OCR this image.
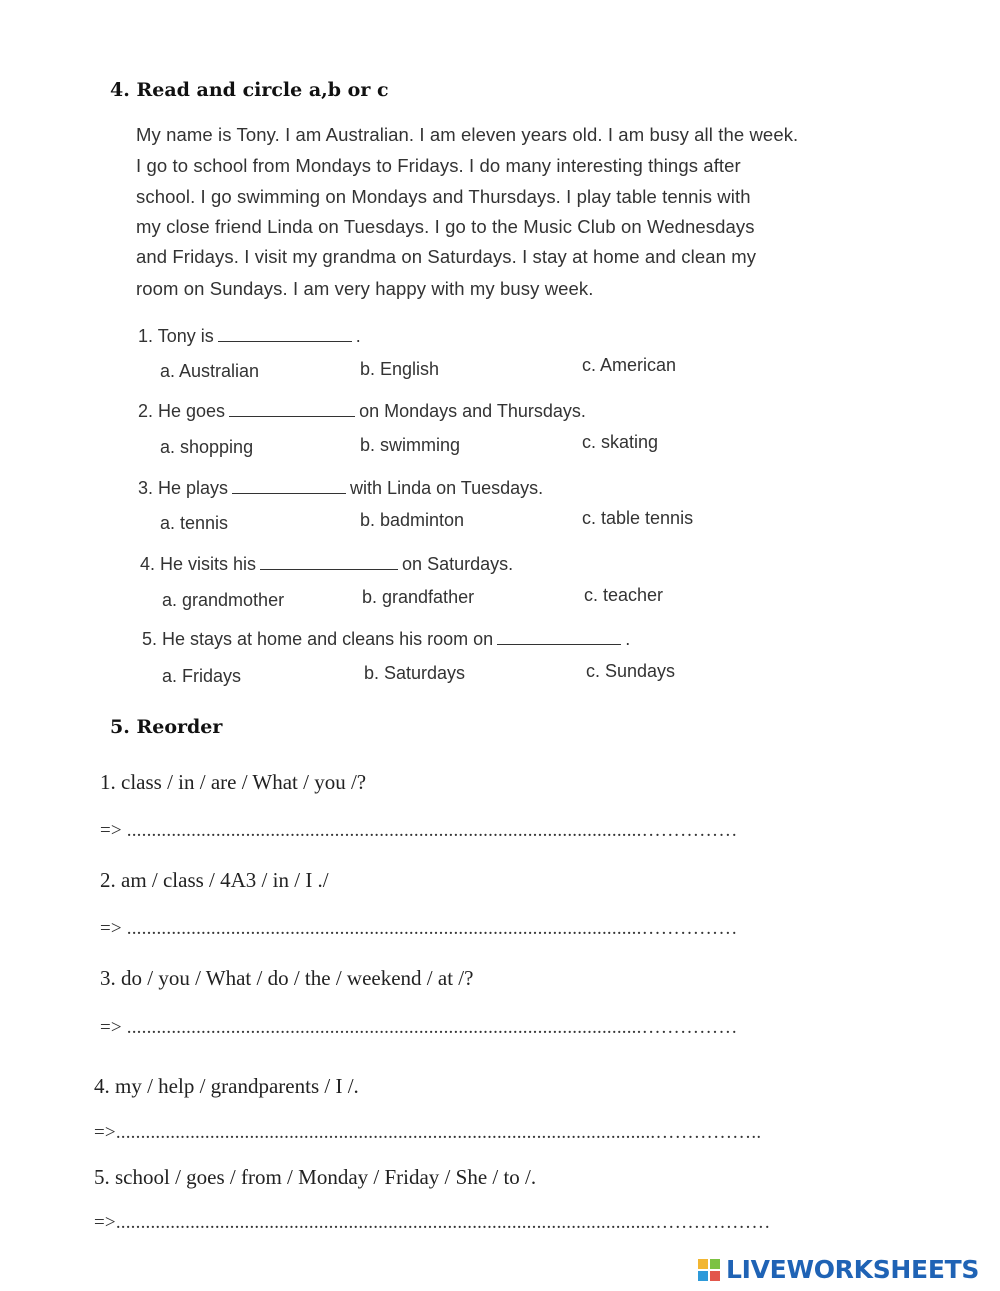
4. Read and circle a,b or c
My name is Tony. I am Australian. I am eleven years old. I am busy all the week.
I go to school from Mondays to Fridays. I do many interesting things after
school. I go swimming on Mondays and Thursdays. I play table tennis with
my close friend Linda on Tuesdays. I go to the Music Club on Wednesdays
and Fridays. I visit my grandma on Saturdays. I stay at home and clean my
room on Sundays. I am very happy with my busy week.
1. Tony is	.
a. Australian	b. English	c. American
2. He goes	on Mondays and Thursdays.
a. shopping	b. swimming	c. skating
3. He plays	with Linda on Tuesdays.
a. tennis	b. badminton	c. table tennis
4. He visits his	on Saturdays.
a. grandmother	b. grandfather	c. teacher
5. He stays at home and cleans his room on	.
a. Fridays	b. Saturdays	c. Sundays
5. Reorder
1. class / in / are / What / you /?
=> ........................................................................................................……………
2. am / class / 4A3 / in / I ./
=> ........................................................................................................……………
3. do / you / What / do / the / weekend / at /?
=> ........................................................................................................……………
4. my / help / grandparents / I /.
=>.............................................................................................................……………..
5. school / goes / from / Monday / Friday / She / to /.
=>.............................................................................................................………………
LIVEWORKSHEETS
